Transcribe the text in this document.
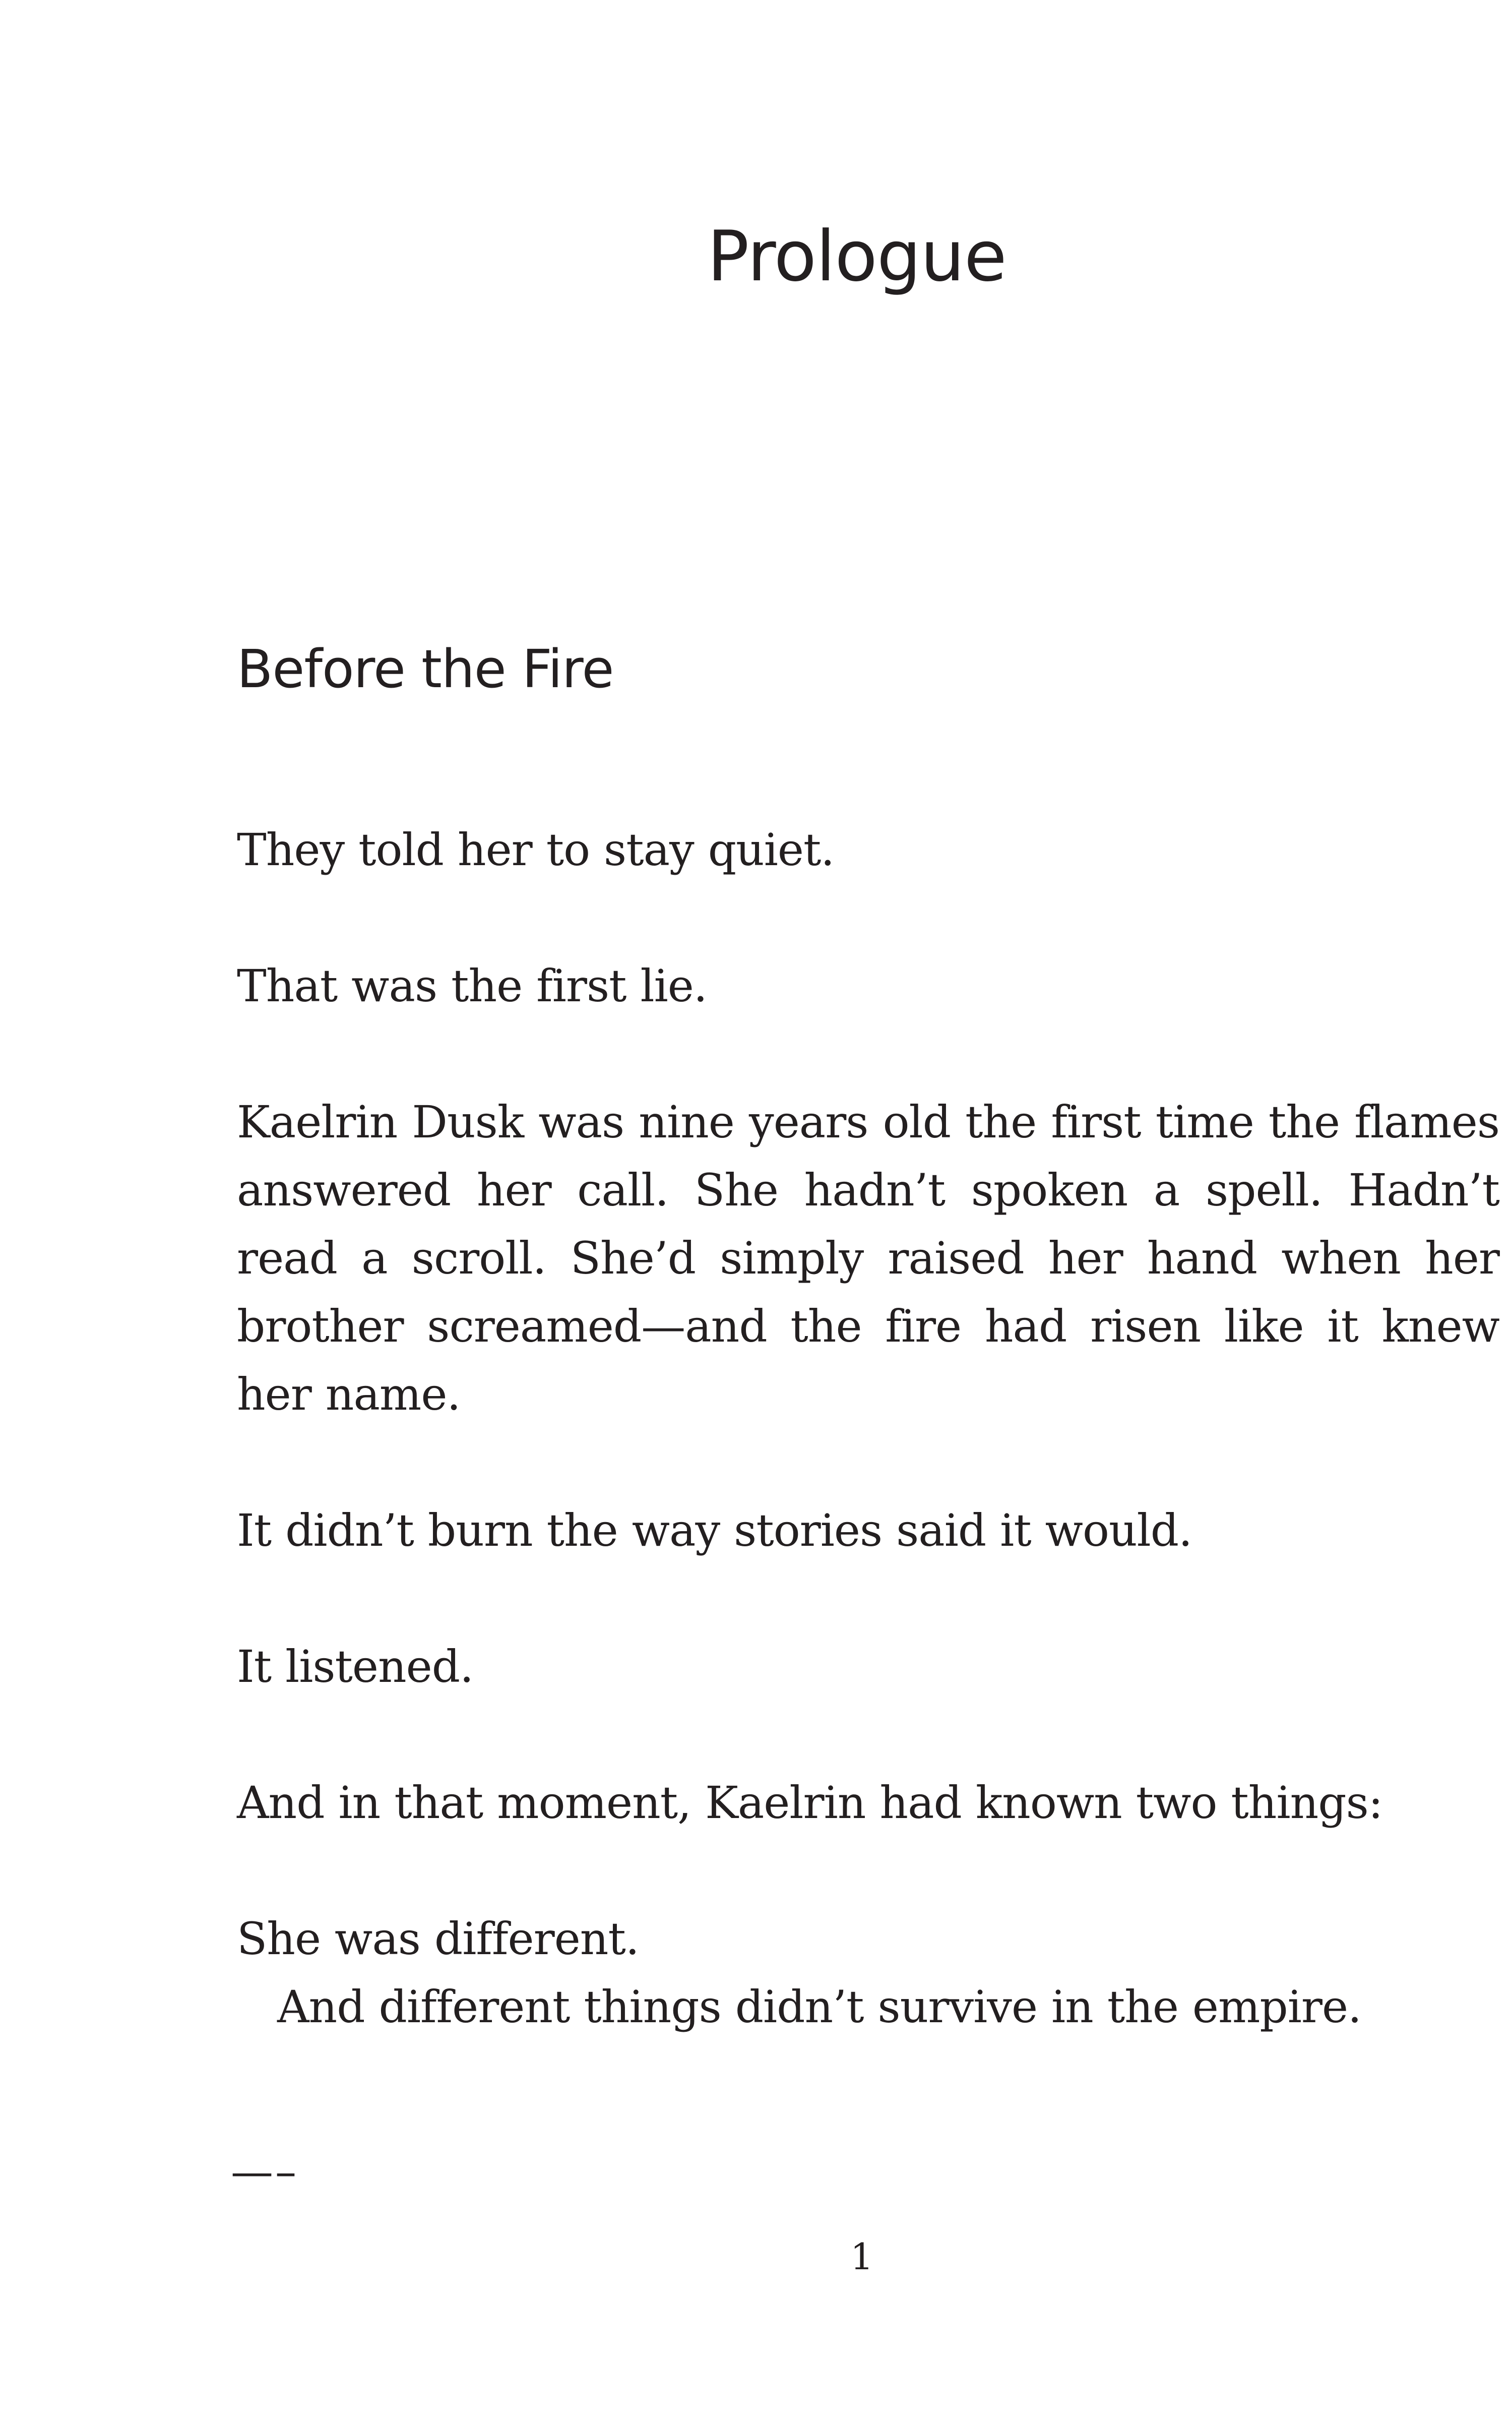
Prologue
Before the Fire

They told her to stay quiet.

That was the first lie.

Kaelrin Dusk was nine years old the first time the flames answered her call. She hadn’t spoken a spell. Hadn’t read a scroll. She’d simply raised her hand when her brother screamed—and the fire had risen like it knew her name.

It didn’t burn the way stories said it would.

It listened.

And in that moment, Kaelrin had known two things:

She was different.

And different things didn’t survive in the empire.

—–
1
